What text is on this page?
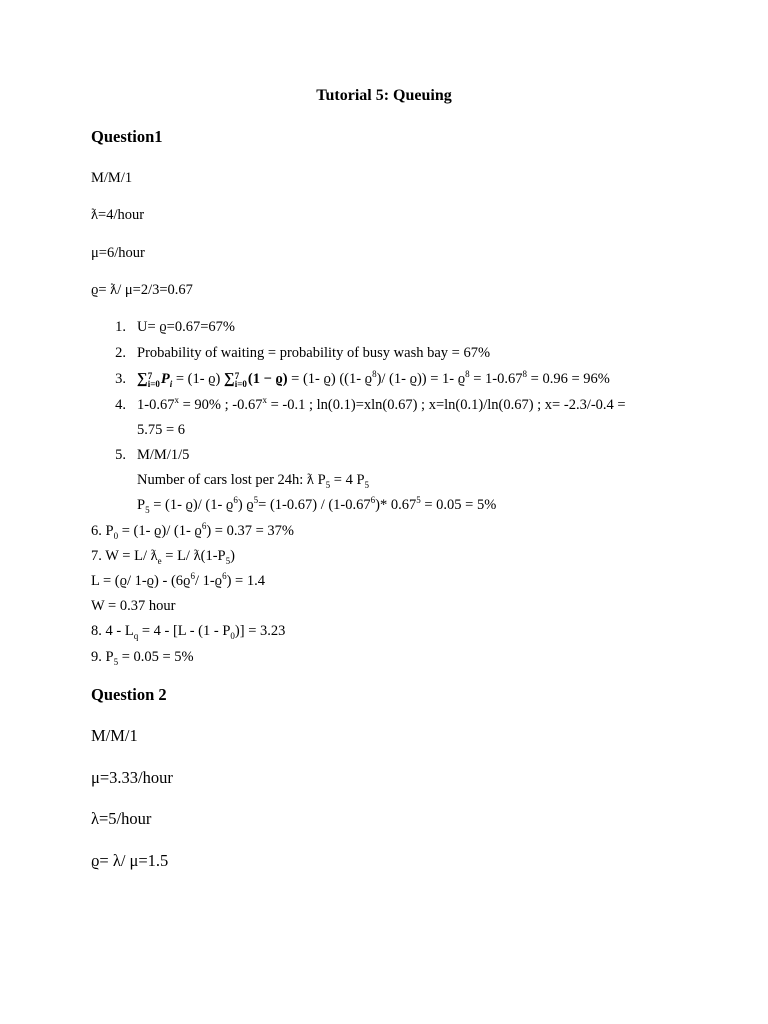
Tutorial 5: Queuing
Question1
M/M/1
ƛ=4/hour
μ=6/hour
ϱ= ƛ/ μ=2/3=0.67
1. U= ϱ=0.67=67%
2. Probability of waiting = probability of busy wash bay = 67%
3. ∑7
$i=0P_i = (1-$ ϱ) ∑7
i=0(1 − ϱ) = (1- ϱ) ((1- $ϱ^8)/$ (1- ϱ)) = 1- $ϱ^8 = 1-0.67^8 = 0.96 = 96\%$
4. $1-0.67^x = 90\%$ ; $-0.67^x = -0.1$ ; ln(0.1)=xln(0.67) ; x=ln(0.1)/ln(0.67) ; x= -2.3/-0.4 =
5.75 = 6
5. M/M/1/5
Number of cars lost per 24h: ƛ $P_5 = 4$ $P_5$
$P_5 = (1-$ ϱ)/ (1- $ϱ^6$) $ϱ^5= (1-0.67) / (1-0.67^6)*$ $0.67^5 = 0.05 = 5\%$
6. $P_0 = (1-$ ϱ)/ (1- $ϱ^6) = 0.37 = 37\%$
7. W = L/ $ƛ_e = L/$ $ƛ(1-P_5)$
L = (ϱ/ $1-ϱ) - (6ϱ^6/$ $1-ϱ^6) = 1.4$
W = 0.37 hour
8. $4 - L_q = 4 - [L - (1 - P_0)] = 3.23$
9. $P_5 = 0.05 = 5\%$
Question 2
M/M/1
μ=3.33/hour
λ=5/hour
ϱ= λ/ μ=1.5
